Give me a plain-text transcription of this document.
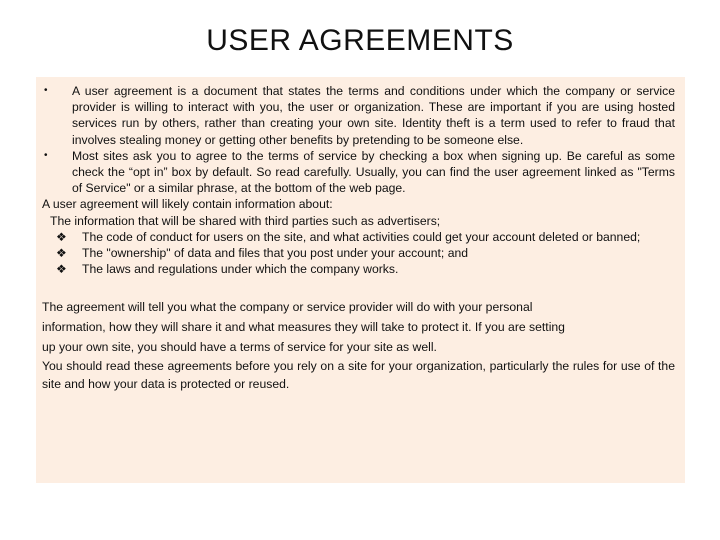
USER AGREEMENTS
•	A user agreement is a document that states the terms and conditions under which the company or service provider is willing to interact with you, the user or organization. These are important if you are using hosted services run by others, rather than creating your own site. Identity theft is a term used to refer to fraud that involves stealing money or getting other benefits by pretending to be someone else.
•	Most sites ask you to agree to the terms of service by checking a box when signing up. Be careful as some check the “opt in” box by default. So read carefully. Usually, you can find the user agreement linked as "Terms of Service" or a similar phrase, at the bottom of the web page.
A user agreement will likely contain information about:
The information that will be shared with third parties such as advertisers;
❖	The code of conduct for users on the site, and what activities could get your account deleted or banned;
❖	The "ownership" of data and files that you post under your account; and
❖	The laws and regulations under which the company works.
The agreement will tell you what the company or service provider will do with your personal
information, how they will share it and what measures they will take to protect it. If you are setting
up your own site, you should have a terms of service for your site as well.
You should read these agreements before you rely on a site for your organization, particularly the rules for use of the site and how your data is protected or reused.
